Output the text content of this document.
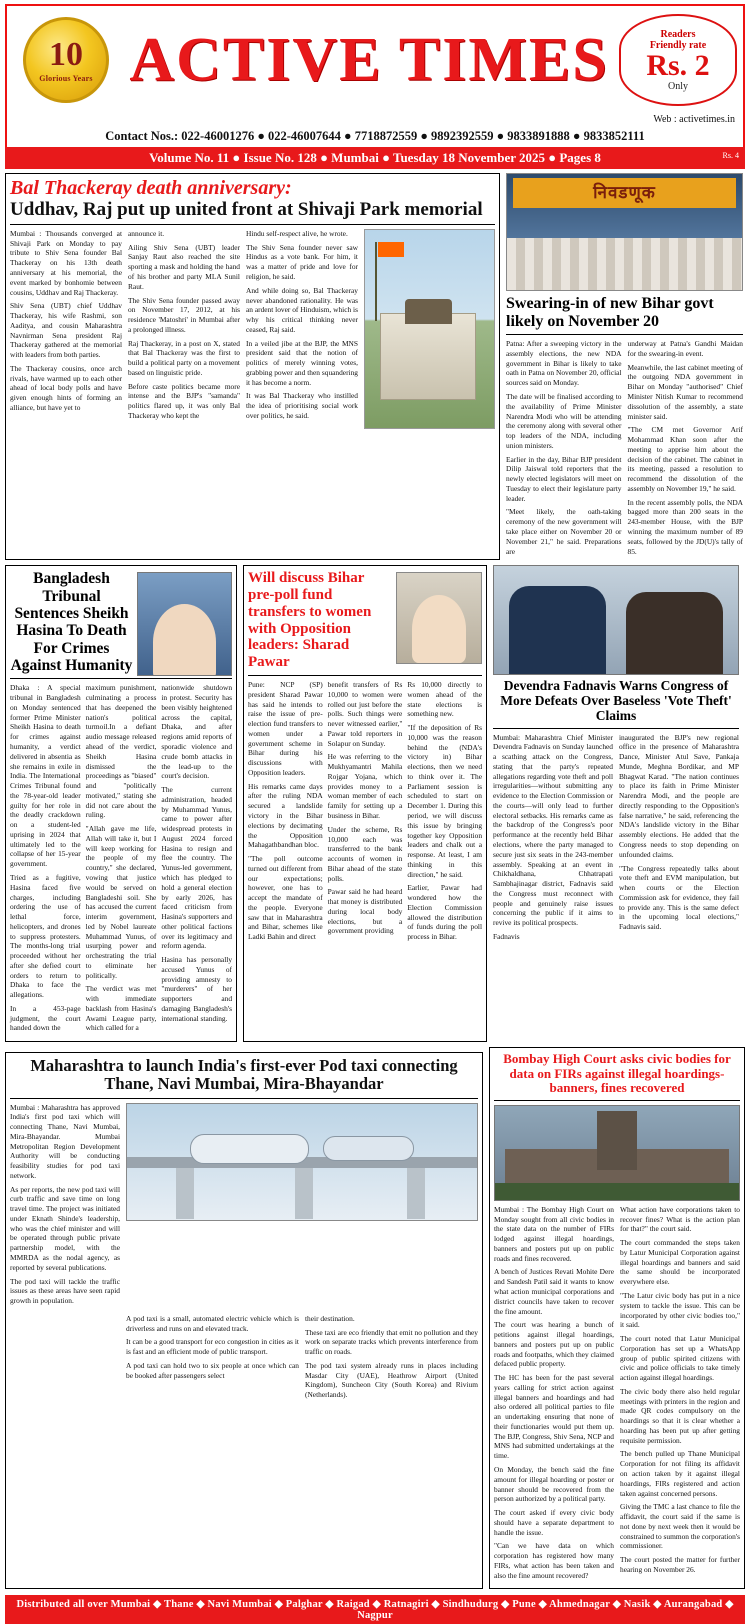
10
Glorious Years ACTIVE TIMES	Readers
Friendly rate
Rs. 2
Only
Web : activetimes.in
Contact Nos.: 022-46001276 ● 022-46007644 ● 7718872559 ● 9892392559 ● 9833891888 ● 9833852111
Volume No. 11 ● Issue No. 128 ● Mumbai ● Tuesday 18 November 2025 ● Pages 8	Rs. 4
Bal Thackeray death anniversary:
Uddhav, Raj put up united front at Shivaji Park memorial

Mumbai : Thousands converged at Shivaji Park on Monday to pay tribute to Shiv Sena founder Bal Thackeray on his 13th death anniversary at his memorial, the event marked by bonhomie between cousins, Uddhav and Raj Thackeray.

Shiv Sena (UBT) chief Uddhav Thackeray, his wife Rashmi, son Aaditya, and cousin Maharashtra Navnirman Sena president Raj Thackeray gathered at the memorial with leaders from both parties.

The Thackeray cousins, once arch rivals, have warmed up to each other ahead of local body polls and have given enough hints of forming an alliance, but have yet to

announce it.

Ailing Shiv Sena (UBT) leader Sanjay Raut also reached the site sporting a mask and holding the hand of his brother and party MLA Sunil Raut.

The Shiv Sena founder passed away on November 17, 2012, at his residence 'Matoshri' in Mumbai after a prolonged illness.

Raj Thackeray, in a post on X, stated that Bal Thackeray was the first to build a political party on a movement based on linguistic pride.

Before caste politics became more intense and the BJP's "samanda" politics flared up, it was only Bal Thackeray who kept the

Hindu self-respect alive, he wrote.

The Shiv Sena founder never saw Hindus as a vote bank. For him, it was a matter of pride and love for religion, he said.

And while doing so, Bal Thackeray never abandoned rationality. He was an ardent lover of Hinduism, which is why his critical thinking never ceased, Raj said.

In a veiled jibe at the BJP, the MNS president said that the notion of politics of merely winning votes, grabbing power and then squandering it has become a norm.

It was Bal Thackeray who instilled the idea of prioritising social work over politics, he said.

निवडणूक
Swearing-in of new Bihar govt likely on November 20

Patna: After a sweeping victory in the assembly elections, the new NDA government in Bihar is likely to take oath in Patna on November 20, official sources said on Monday.

The date will be finalised according to the availability of Prime Minister Narendra Modi who will be attending the ceremony along with several other top leaders of the NDA, including union ministers.

Earlier in the day, Bihar BJP president Dilip Jaiswal told reporters that the newly elected legislators will meet on Tuesday to elect their legislature party leader.

"Meet likely, the oath-taking ceremony of the new government will take place either on November 20 or November 21," he said. Preparations are

underway at Patna's Gandhi Maidan for the swearing-in event.

Meanwhile, the last cabinet meeting of the outgoing NDA government in Bihar on Monday "authorised" Chief Minister Nitish Kumar to recommend dissolution of the assembly, a state minister said.

"The CM met Governor Arif Mohammad Khan soon after the meeting to apprise him about the decision of the cabinet. The cabinet in its meeting, passed a resolution to recommend the dissolution of the assembly on November 19," he said.

In the recent assembly polls, the NDA bagged more than 200 seats in the 243-member House, with the BJP winning the maximum number of 89 seats, followed by the JD(U)'s tally of 85.

Bangladesh Tribunal Sentences Sheikh Hasina To Death For Crimes Against Humanity

Dhaka : A special tribunal in Bangladesh on Monday sentenced former Prime Minister Sheikh Hasina to death for crimes against humanity, a verdict delivered in absentia as she remains in exile in India. The International Crimes Tribunal found the 78-year-old leader guilty for her role in the deadly crackdown on a student-led uprising in 2024 that ultimately led to the collapse of her 15-year government.

Tried as a fugitive, Hasina faced five charges, including ordering the use of lethal force, helicopters, and drones to suppress protesters. The months-long trial proceeded without her after she defied court orders to return to Dhaka to face the allegations.

In a 453-page judgment, the court handed down the

maximum punishment, culminating a process that has deepened the nation's political turmoil.In a defiant audio message released ahead of the verdict, Sheikh Hasina dismissed the proceedings as "biased" and "politically motivated," stating she did not care about the ruling.

"Allah gave me life, Allah will take it, but I will keep working for the people of my country," she declared, vowing that justice would be served on Bangladeshi soil. She has accused the current interim government, led by Nobel laureate Muhammad Yunus, of usurping power and orchestrating the trial to eliminate her politically.

The verdict was met with immediate backlash from Hasina's Awami League party, which called for a

nationwide shutdown in protest. Security has been visibly heightened across the capital, Dhaka, and after regions amid reports of sporadic violence and crude bomb attacks in the lead-up to the court's decision.

The current administration, headed by Muhammad Yunus, came to power after widespread protests in August 2024 forced Hasina to resign and flee the country. The Yunus-led government, which has pledged to hold a general election by early 2026, has faced criticism from Hasina's supporters and other political factions over its legitimacy and reform agenda.

Hasina has personally accused Yunus of providing amnesty to "murderers" of her supporters and damaging Bangladesh's international standing.

Will discuss Bihar pre-poll fund transfers to women with Opposition leaders: Sharad Pawar

Pune: NCP (SP) president Sharad Pawar has said he intends to raise the issue of pre-election fund transfers to women under a government scheme in Bihar during his discussions with Opposition leaders.

His remarks came days after the ruling NDA secured a landslide victory in the Bihar elections by decimating the Opposition Mahagathbandhan bloc.

"The poll outcome turned out different from our expectations; however, one has to accept the mandate of the people. Everyone saw that in Maharashtra and Bihar, schemes like Ladki Bahin and direct

benefit transfers of Rs 10,000 to women were rolled out just before the polls. Such things were never witnessed earlier," Pawar told reporters in Solapur on Sunday.

He was referring to the Mukhyamantri Mahila Rojgar Yojana, which provides money to a woman member of each family for setting up a business in Bihar.

Under the scheme, Rs 10,000 each was transferred to the bank accounts of women in Bihar ahead of the state polls.

Pawar said he had heard that money is distributed during local body elections, but a government providing

Rs 10,000 directly to women ahead of the state elections is something new.

"If the deposition of Rs 10,000 was the reason behind the (NDA's victory in) Bihar elections, then we need to think over it. The Parliament session is scheduled to start on December 1. During this period, we will discuss this issue by bringing together key Opposition leaders and chalk out a response. At least, I am thinking in this direction," he said.

Earlier, Pawar had wondered how the Election Commission allowed the distribution of funds during the poll process in Bihar.

Devendra Fadnavis Warns Congress of More Defeats Over Baseless 'Vote Theft' Claims

Mumbai: Maharashtra Chief Minister Devendra Fadnavis on Sunday launched a scathing attack on the Congress, stating that the party's repeated allegations regarding vote theft and poll irregularities—without submitting any evidence to the Election Commission or the courts—will only lead to further electoral setbacks. His remarks came as the backdrop of the Congress's poor performance at the recently held Bihar elections, where the party managed to secure just six seats in the 243-member assembly. Speaking at an event in Chikhaldhana, Chhatrapati Sambhajinagar district, Fadnavis said the Congress must reconnect with people and genuinely raise issues concerning the public if it aims to revive its political prospects.

Fadnavis

inaugurated the BJP's new regional office in the presence of Maharashtra Dance, Minister Atul Save, Pankaja Munde, Meghna Bordikar, and MP Bhagwat Karad. "The nation continues to place its faith in Prime Minister Narendra Modi, and the people are directly responding to the Opposition's false narrative," he said, referencing the NDA's landslide victory in the Bihar assembly elections. He added that the Congress needs to stop depending on unfounded claims.

"The Congress repeatedly talks about vote theft and EVM manipulation, but when courts or the Election Commission ask for evidence, they fail to provide any. This is the same defect in the upcoming local elections," Fadnavis said.

Maharashtra to launch India's first-ever Pod taxi connecting Thane, Navi Mumbai, Mira-Bhayandar

Mumbai : Maharashtra has approved India's first pod taxi which will connecting Thane, Navi Mumbai, Mira-Bhayandar. Mumbai Metropolitan Region Development Authority will be conducting feasibility studies for pod taxi network.

As per reports, the new pod taxi will curb traffic and save time on long travel time. The project was initiated under Eknath Shinde's leadership, who was the chief minister and will be operated through public private partnership model, with the MMRDA as the nodal agency, as reported by several publications.

The pod taxi will tackle the traffic issues as these areas have seen rapid growth in population.

A pod taxi is a small, automated electric vehicle which is driverless and runs on and elevated track.

It can be a good transport for eco congestion in cities as it is fast and an efficient mode of public transport.

A pod taxi can hold two to six people at once which can be booked after passengers select

their destination.

These taxi are eco friendly that emit no pollution and they work on separate tracks which prevents interference from traffic on roads.

The pod taxi system already runs in places including Masdar City (UAE), Heathrow Airport (United Kingdom), Suncheon City (South Korea) and Rivium (Netherlands).

Bombay High Court asks civic bodies for data on FIRs against illegal hoardings-banners, fines recovered

Mumbai : The Bombay High Court on Monday sought from all civic bodies in the state data on the number of FIRs lodged against illegal hoardings, banners and posters put up on public roads and fines recovered.

A bench of Justices Revati Mohite Dere and Sandesh Patil said it wants to know what action municipal corporations and district councils have taken to recover the fine amount.

The court was hearing a bunch of petitions against illegal hoardings, banners and posters put up on public roads and footpaths, which they claimed defaced public property.

The HC has been for the past several years calling for strict action against illegal banners and hoardings and had also ordered all political parties to file an undertaking ensuring that none of their functionaries would put them up. The BJP, Congress, Shiv Sena, NCP and MNS had submitted undertakings at the time.

On Monday, the bench said the fine amount for illegal hoarding or poster or banner should be recovered from the person authorized by a political party.

The court asked if every civic body should have a separate department to handle the issue.

"Can we have data on which corporation has registered how many FIRs, what action has been taken and also the fine amount recovered?

What action have corporations taken to recover fines? What is the action plan for that?" the court said.

The court commanded the steps taken by Latur Municipal Corporation against illegal hoardings and banners and said the same should be incorporated everywhere else.

"The Latur civic body has put in a nice system to tackle the issue. This can be incorporated by other civic bodies too," it said.

The court noted that Latur Municipal Corporation has set up a WhatsApp group of public spirited citizens with civic and police officials to take timely action against illegal hoardings.

The civic body there also held regular meetings with printers in the region and made QR codes compulsory on the hoardings so that it is clear whether a hoarding has been put up after getting requisite permission.

The bench pulled up Thane Municipal Corporation for not filing its affidavit on action taken by it against illegal hoardings, FIRs registered and action taken against concerned persons.

Giving the TMC a last chance to file the affidavit, the court said if the same is not done by next week then it would be constrained to summon the corporation's commissioner.

The court posted the matter for further hearing on November 26.

Distributed all over Mumbai ◆ Thane ◆ Navi Mumbai ◆ Palghar ◆ Raigad ◆ Ratnagiri ◆ Sindhudurg ◆ Pune ◆ Ahmednagar ◆ Nasik ◆ Aurangabad ◆ Nagpur
